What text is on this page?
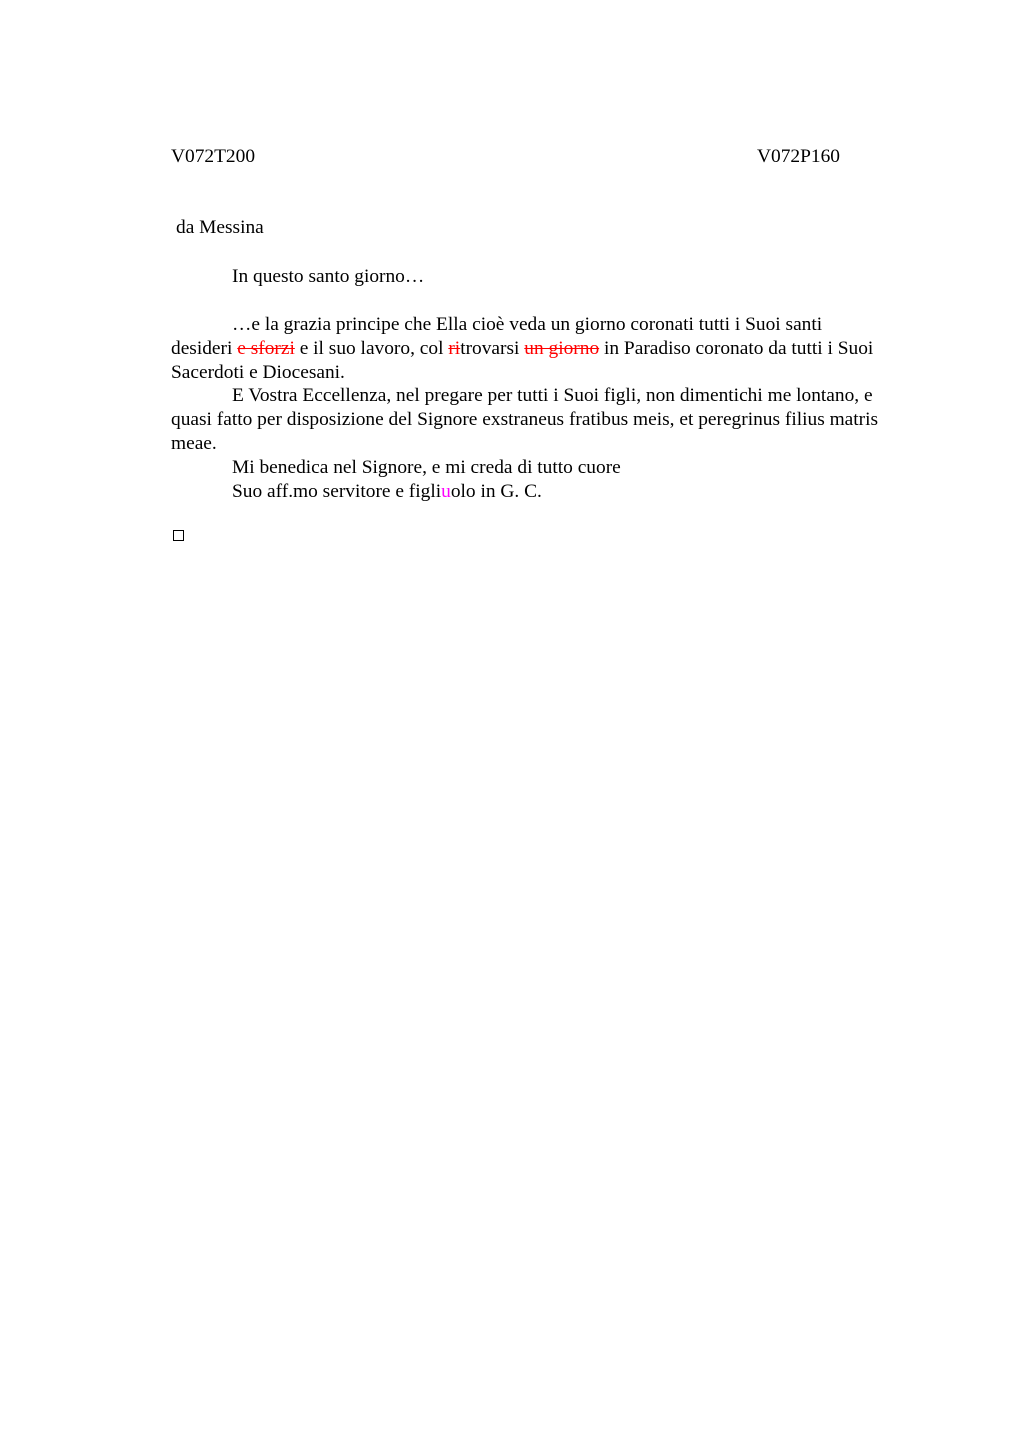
V072T200	V072P160
da Messina
In questo santo giorno…
…e la grazia principe che Ella cioè veda un giorno coronati tutti i Suoi santi
desideri e sforzi e il suo lavoro, col ritrovarsi un giorno in Paradiso coronato da tutti i Suoi
Sacerdoti e Diocesani.
E Vostra Eccellenza, nel pregare per tutti i Suoi figli, non dimentichi me lontano, e
quasi fatto per disposizione del Signore exstraneus fratibus meis, et peregrinus filius matris
meae.
Mi benedica nel Signore, e mi creda di tutto cuore
Suo aff.mo servitore e figliuolo in G. C.
